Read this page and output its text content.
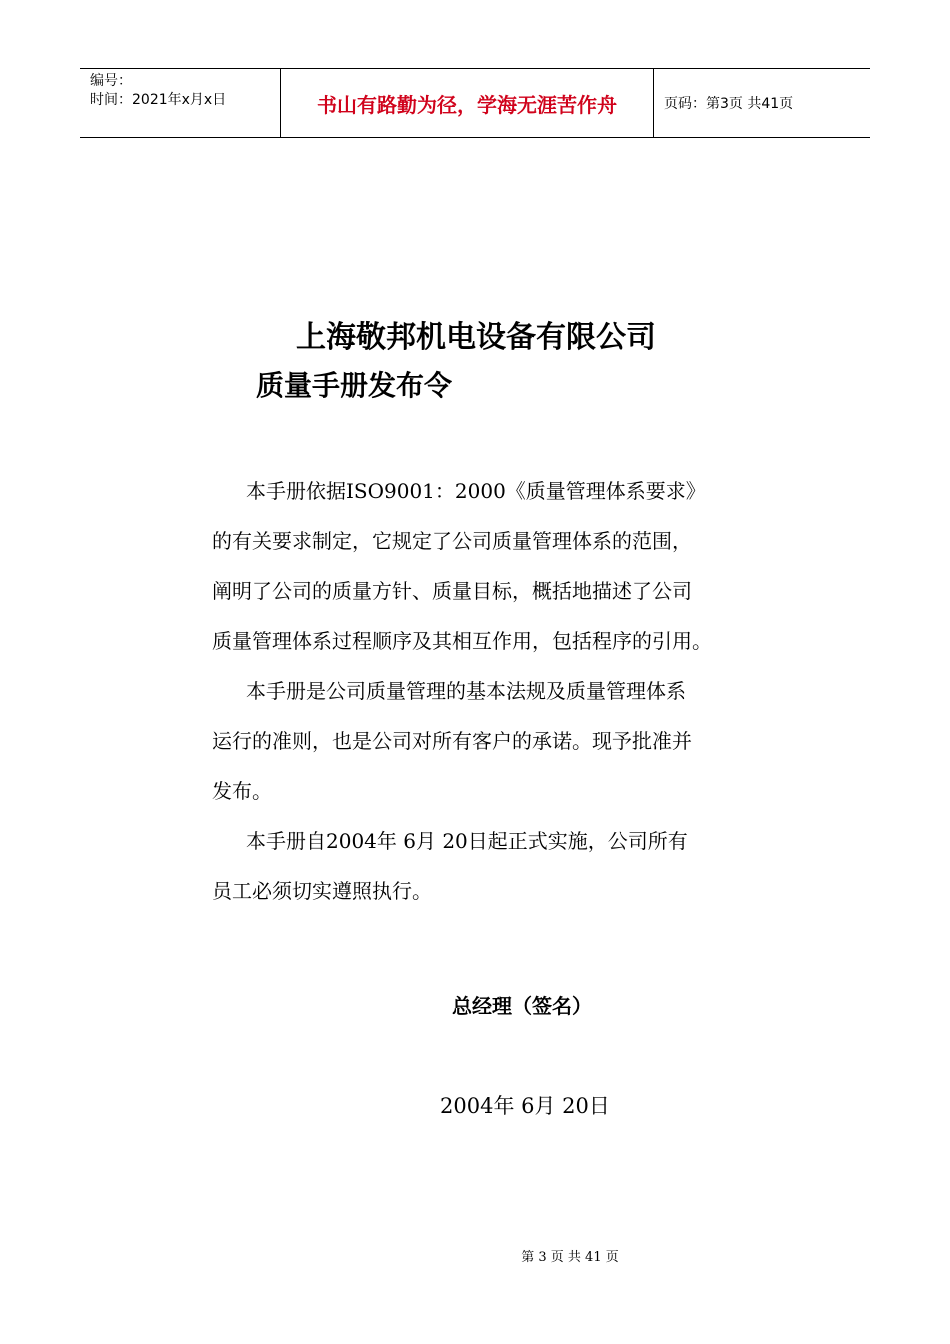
编号：
时间：2021年x月x日	书山有路勤为径，学海无涯苦作舟	页码：第3页 共41页
上海敬邦机电设备有限公司
质量手册发布令

本手册依据ISO9001：2000《质量管理体系要求》

的有关要求制定，它规定了公司质量管理体系的范围，

阐明了公司的质量方针、质量目标，概括地描述了公司

质量管理体系过程顺序及其相互作用，包括程序的引用。

本手册是公司质量管理的基本法规及质量管理体系

运行的准则，也是公司对所有客户的承诺。现予批准并

发布。

本手册自2004年 6月 20日起正式实施，公司所有

员工必须切实遵照执行。

总经理（签名）
2004年 6月 20日
第 3 页 共 41 页
